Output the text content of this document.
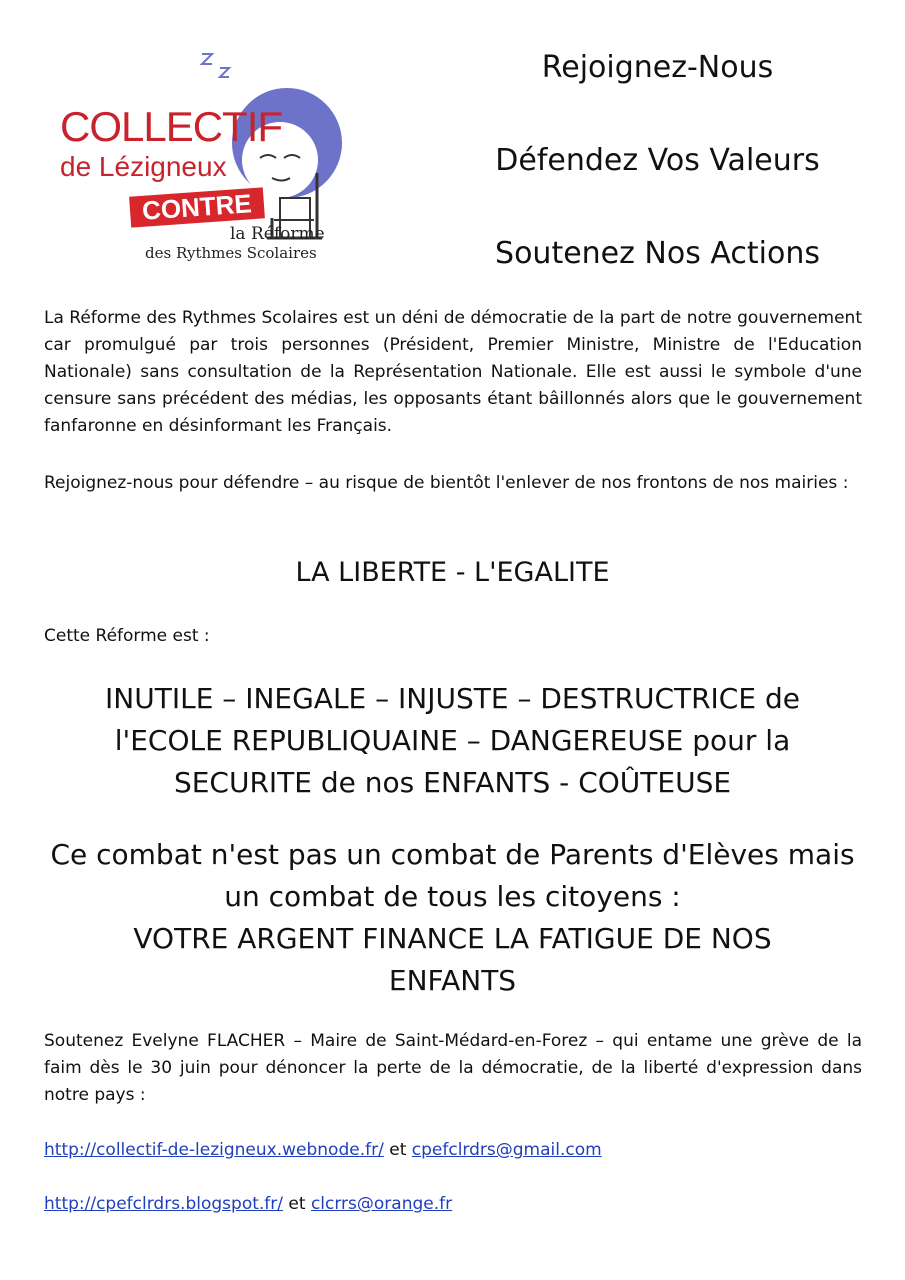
COLLECTIF
de Lézigneux
CONTRE
la Réforme
des Rythmes Scolaires
Rejoignez-Nous
Défendez Vos Valeurs
Soutenez Nos Actions
La Réforme des Rythmes Scolaires est un déni de démocratie de la part de notre gouvernement car promulgué par trois personnes (Président, Premier Ministre, Ministre de l'Education Nationale) sans consultation de la Représentation Nationale. Elle est aussi le symbole d'une censure sans précédent des médias, les opposants étant bâillonnés alors que le gouvernement fanfaronne en désinformant les Français.
Rejoignez-nous pour défendre – au risque de bientôt l'enlever de nos frontons de nos mairies :
LA LIBERTE - L'EGALITE
Cette Réforme est :
INUTILE – INEGALE – INJUSTE – DESTRUCTRICE de
l'ECOLE REPUBLIQUAINE – DANGEREUSE pour la
SECURITE de nos ENFANTS - COÛTEUSE
Ce combat n'est pas un combat de Parents d'Elèves mais
un combat de tous les citoyens :
VOTRE ARGENT FINANCE LA FATIGUE DE NOS
ENFANTS
Soutenez Evelyne FLACHER – Maire de Saint-Médard-en-Forez – qui entame une grève de la faim dès le 30 juin pour dénoncer la perte de la démocratie, de la liberté d'expression dans notre pays :
http://collectif-de-lezigneux.webnode.fr/ et cpefclrdrs@gmail.com
http://cpefclrdrs.blogspot.fr/ et clcrrs@orange.fr
